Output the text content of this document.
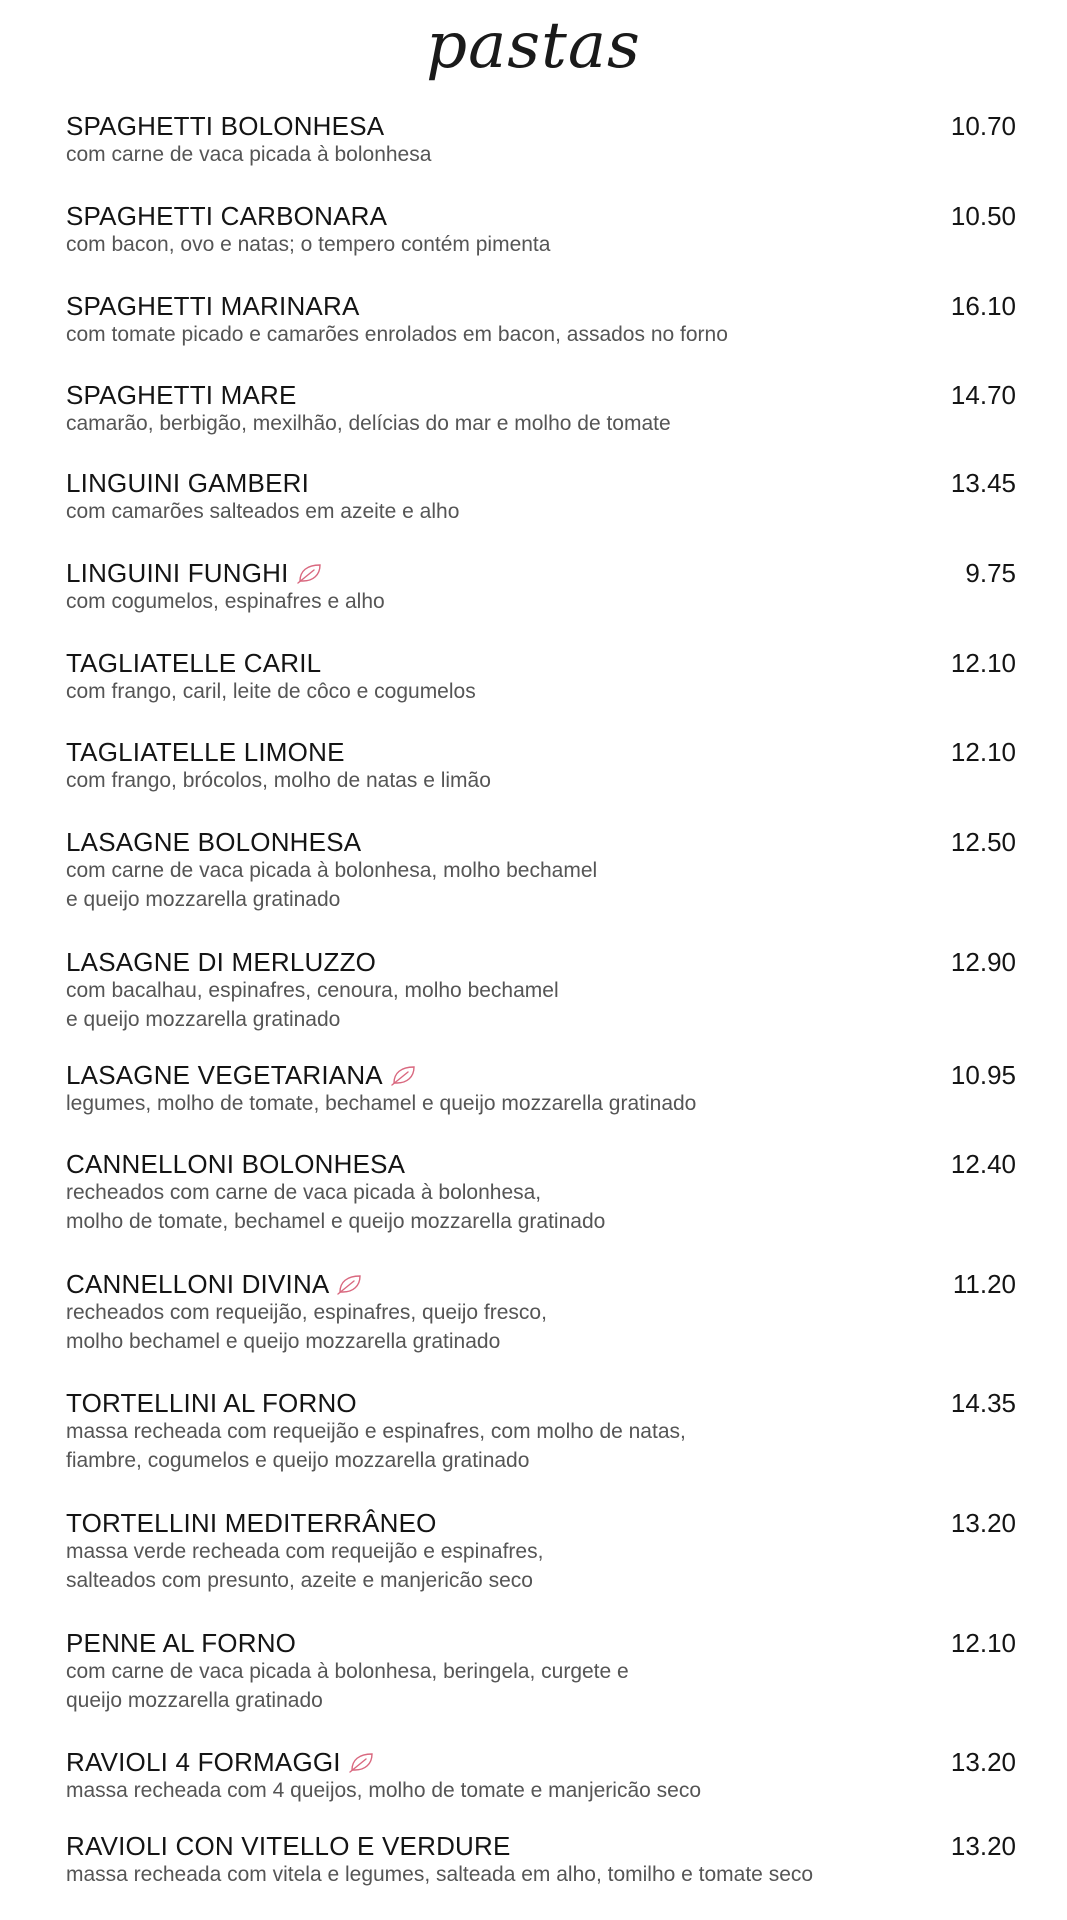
pastas
SPAGHETTI BOLONHESA	10.70
com carne de vaca picada à bolonhesa
SPAGHETTI CARBONARA	10.50
com bacon, ovo e natas; o tempero contém pimenta
SPAGHETTI MARINARA	16.10
com tomate picado e camarões enrolados em bacon, assados no forno
SPAGHETTI MARE	14.70
camarão, berbigão, mexilhão, delícias do mar e molho de tomate
LINGUINI GAMBERI	13.45
com camarões salteados em azeite e alho
LINGUINI FUNGHI	9.75
com cogumelos, espinafres e alho
TAGLIATELLE CARIL	12.10
com frango, caril, leite de côco e cogumelos
TAGLIATELLE LIMONE	12.10
com frango, brócolos, molho de natas e limão
LASAGNE BOLONHESA	12.50
com carne de vaca picada à bolonhesa, molho bechamel
e queijo mozzarella gratinado
LASAGNE DI MERLUZZO	12.90
com bacalhau, espinafres, cenoura, molho bechamel
e queijo mozzarella gratinado
LASAGNE VEGETARIANA	10.95
legumes, molho de tomate, bechamel e queijo mozzarella gratinado
CANNELLONI BOLONHESA	12.40
recheados com carne de vaca picada à bolonhesa,
molho de tomate, bechamel e queijo mozzarella gratinado
CANNELLONI DIVINA	11.20
recheados com requeijão, espinafres, queijo fresco,
molho bechamel e queijo mozzarella gratinado
TORTELLINI AL FORNO	14.35
massa recheada com requeijão e espinafres, com molho de natas,
fiambre, cogumelos e queijo mozzarella gratinado
TORTELLINI MEDITERRÂNEO	13.20
massa verde recheada com requeijão e espinafres,
salteados com presunto, azeite e manjericão seco
PENNE AL FORNO	12.10
com carne de vaca picada à bolonhesa, beringela, curgete e
queijo mozzarella gratinado
RAVIOLI 4 FORMAGGI	13.20
massa recheada com 4 queijos, molho de tomate e manjericão seco
RAVIOLI CON VITELLO E VERDURE	13.20
massa recheada com vitela e legumes, salteada em alho, tomilho e tomate seco
